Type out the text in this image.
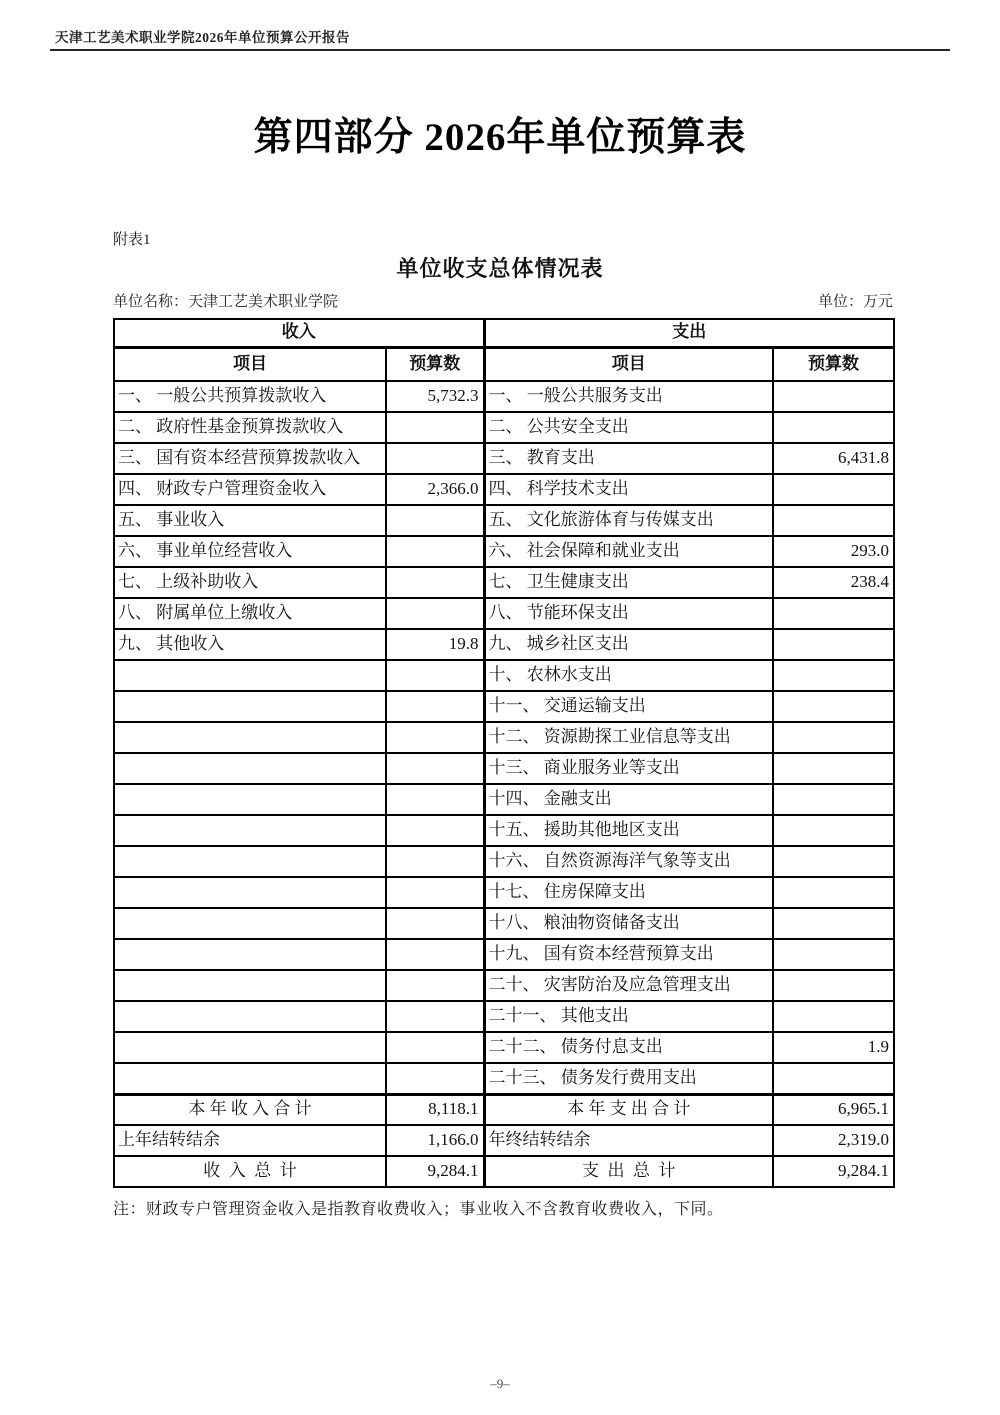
天津工艺美术职业学院2026年单位预算公开报告
第四部分 2026年单位预算表
附表1
单位收支总体情况表
单位名称：天津工艺美术职业学院	单位：万元
收入		支出	
项目	预算数	项目	预算数
一、 一般公共预算拨款收入	5,732.3	一、 一般公共服务支出	
二、 政府性基金预算拨款收入		二、 公共安全支出	
三、 国有资本经营预算拨款收入		三、 教育支出	6,431.8
四、 财政专户管理资金收入	2,366.0	四、 科学技术支出	
五、 事业收入		五、 文化旅游体育与传媒支出	
六、 事业单位经营收入		六、 社会保障和就业支出	293.0
七、 上级补助收入		七、 卫生健康支出	238.4
八、 附属单位上缴收入		八、 节能环保支出	
九、 其他收入	19.8	九、 城乡社区支出	
		十、 农林水支出	
		十一、 交通运输支出	
		十二、 资源勘探工业信息等支出	
		十三、 商业服务业等支出	
		十四、 金融支出	
		十五、 援助其他地区支出	
		十六、 自然资源海洋气象等支出	
		十七、 住房保障支出	
		十八、 粮油物资储备支出	
		十九、 国有资本经营预算支出	
		二十、 灾害防治及应急管理支出	
		二十一、 其他支出	
		二十二、 债务付息支出	1.9
		二十三、 债务发行费用支出	
本 年 收 入 合 计	8,118.1	本 年 支 出 合 计	6,965.1
上年结转结余	1,166.0	年终结转结余	2,319.0
收  入  总  计	9,284.1	支  出  总  计	9,284.1
注：财政专户管理资金收入是指教育收费收入；事业收入不含教育收费收入，下同。
–9–
